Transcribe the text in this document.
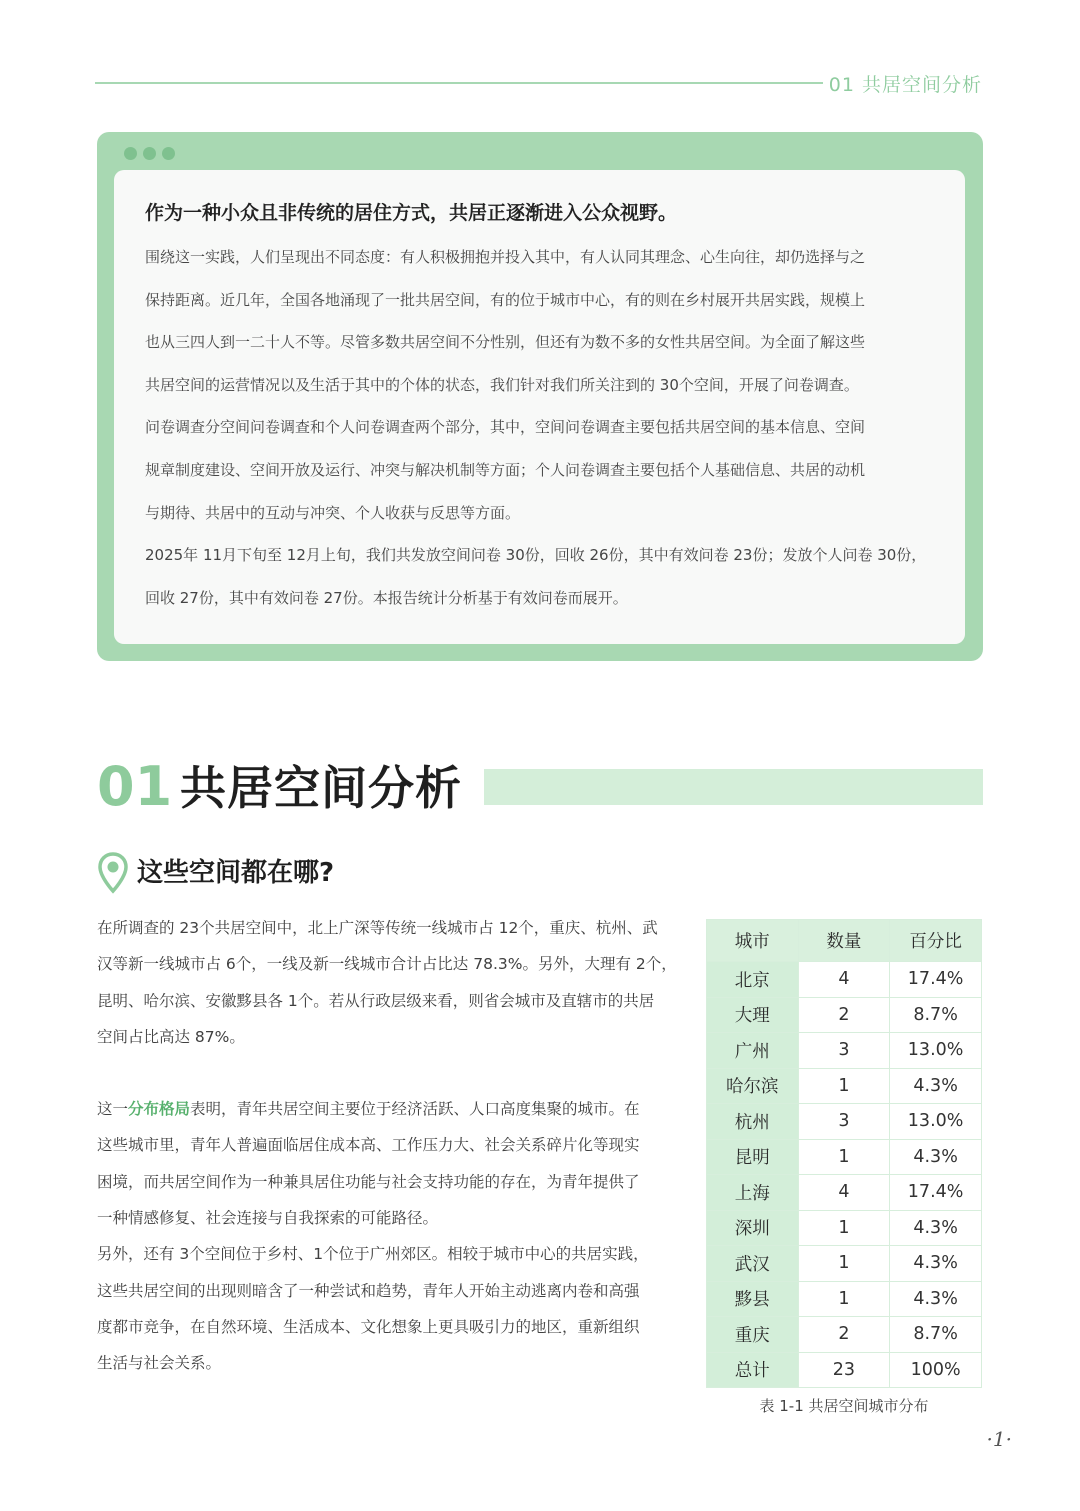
01 共居空间分析
作为一种小众且非传统的居住方式，共居正逐渐进入公众视野。
围绕这一实践，人们呈现出不同态度：有人积极拥抱并投入其中，有人认同其理念、心生向往，却仍选择与之
保持距离。近几年，全国各地涌现了一批共居空间，有的位于城市中心，有的则在乡村展开共居实践，规模上
也从三四人到一二十人不等。尽管多数共居空间不分性别，但还有为数不多的女性共居空间。为全面了解这些
共居空间的运营情况以及生活于其中的个体的状态，我们针对我们所关注到的 30个空间，开展了问卷调查。
问卷调查分空间问卷调查和个人问卷调查两个部分，其中，空间问卷调查主要包括共居空间的基本信息、空间
规章制度建设、空间开放及运行、冲突与解决机制等方面；个人问卷调查主要包括个人基础信息、共居的动机
与期待、共居中的互动与冲突、个人收获与反思等方面。
2025年 11月下旬至 12月上旬，我们共发放空间问卷 30份，回收 26份，其中有效问卷 23份；发放个人问卷 30份，
回收 27份，其中有效问卷 27份。本报告统计分析基于有效问卷而展开。
01 共居空间分析
这些空间都在哪?
在所调查的 23个共居空间中，北上广深等传统一线城市占 12个，重庆、杭州、武
汉等新一线城市占 6个，一线及新一线城市合计占比达 78.3%。另外，大理有 2个，
昆明、哈尔滨、安徽黟县各 1个。若从行政层级来看，则省会城市及直辖市的共居
空间占比高达 87%。
这一分布格局表明，青年共居空间主要位于经济活跃、人口高度集聚的城市。在
这些城市里，青年人普遍面临居住成本高、工作压力大、社会关系碎片化等现实
困境，而共居空间作为一种兼具居住功能与社会支持功能的存在，为青年提供了
一种情感修复、社会连接与自我探索的可能路径。
另外，还有 3个空间位于乡村、1个位于广州郊区。相较于城市中心的共居实践，
这些共居空间的出现则暗含了一种尝试和趋势，青年人开始主动逃离内卷和高强
度都市竞争，在自然环境、生活成本、文化想象上更具吸引力的地区，重新组织
生活与社会关系。
城市	数量	百分比
北京	4	17.4%
大理	2	8.7%
广州	3	13.0%
哈尔滨	1	4.3%
杭州	3	13.0%
昆明	1	4.3%
上海	4	17.4%
深圳	1	4.3%
武汉	1	4.3%
黟县	1	4.3%
重庆	2	8.7%
总计	23	100%
表 1-1 共居空间城市分布
·1·
